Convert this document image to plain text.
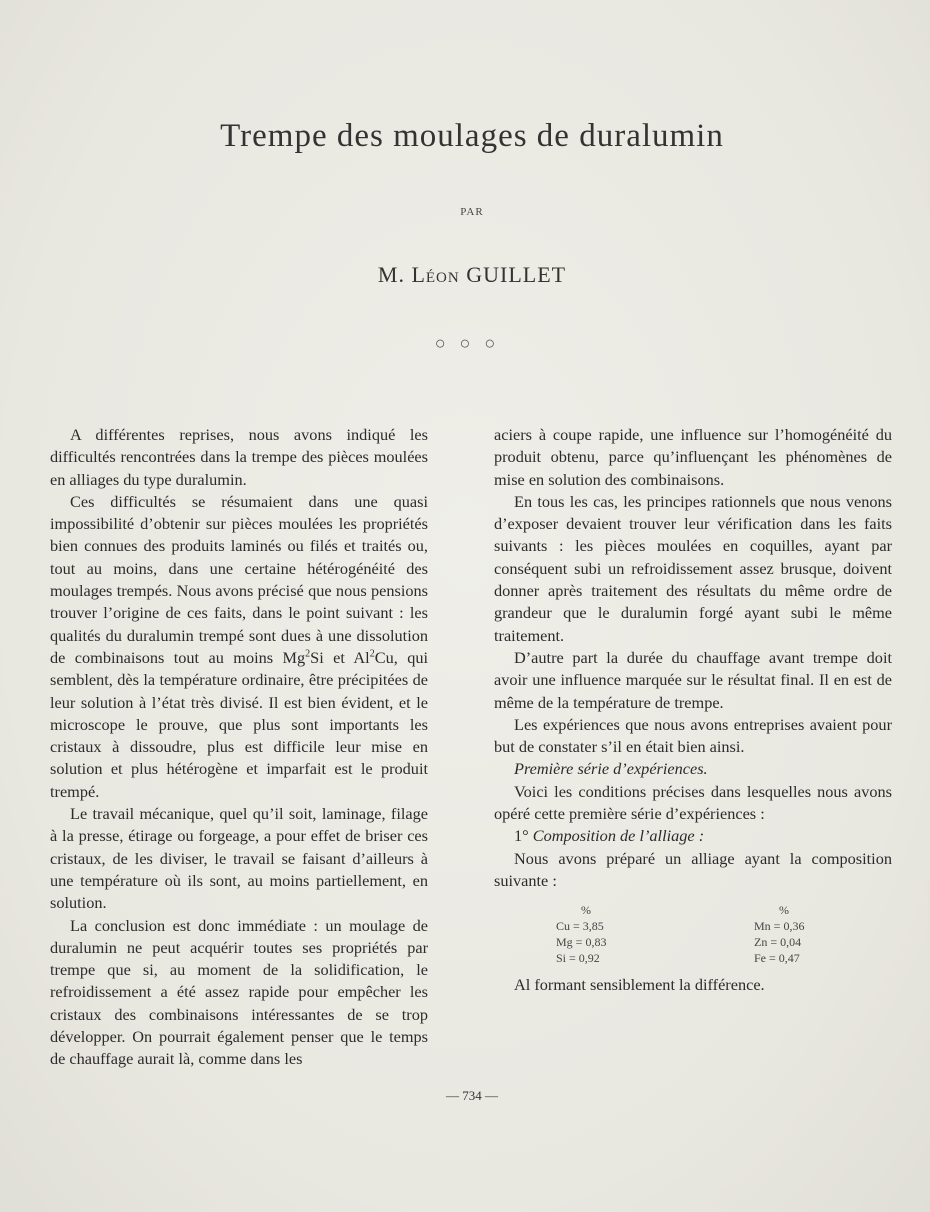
Trempe des moulages de duralumin
PAR
M. Léon GUILLET
○○○

A différentes reprises, nous avons indiqué les difficultés rencontrées dans la trempe des pièces moulées en alliages du type duralumin.

Ces difficultés se résumaient dans une quasi impossibilité d’obtenir sur pièces moulées les propriétés bien connues des produits laminés ou filés et traités ou, tout au moins, dans une certaine hétérogénéité des moulages trempés. Nous avons précisé que nous pensions trouver l’origine de ces faits, dans le point suivant : les qualités du duralumin trempé sont dues à une dissolution de combinaisons tout au moins Mg$^2$Si et Al$^2$Cu, qui semblent, dès la température ordinaire, être précipitées de leur solution à l’état très divisé. Il est bien évident, et le microscope le prouve, que plus sont importants les cristaux à dissoudre, plus est difficile leur mise en solution et plus hétérogène et imparfait est le produit trempé.

Le travail mécanique, quel qu’il soit, laminage, filage à la presse, étirage ou forgeage, a pour effet de briser ces cristaux, de les diviser, le travail se faisant d’ailleurs à une température où ils sont, au moins partiellement, en solution.

La conclusion est donc immédiate : un moulage de duralumin ne peut acquérir toutes ses propriétés par trempe que si, au moment de la solidification, le refroidissement a été assez rapide pour empêcher les cristaux des combinaisons intéressantes de se trop développer. On pourrait également penser que le temps de chauffage aurait là, comme dans les

aciers à coupe rapide, une influence sur l’homogénéité du produit obtenu, parce qu’influençant les phénomènes de mise en solution des combinaisons.

En tous les cas, les principes rationnels que nous venons d’exposer devaient trouver leur vérification dans les faits suivants : les pièces moulées en coquilles, ayant par conséquent subi un refroidissement assez brusque, doivent donner après traitement des résultats du même ordre de grandeur que le duralumin forgé ayant subi le même traitement.

D’autre part la durée du chauffage avant trempe doit avoir une influence marquée sur le résultat final. Il en est de même de la température de trempe.

Les expériences que nous avons entreprises avaient pour but de constater s’il en était bien ainsi.

Première série d’expériences.

Voici les conditions précises dans lesquelles nous avons opéré cette première série d’expériences :

1° Composition de l’alliage :

Nous avons préparé un alliage ayant la composition suivante :

%
Cu = 3,85
Mg = 0,83
Si = 0,92
%
Mn = 0,36
Zn = 0,04
Fe = 0,47

Al formant sensiblement la différence.

— 734 —
